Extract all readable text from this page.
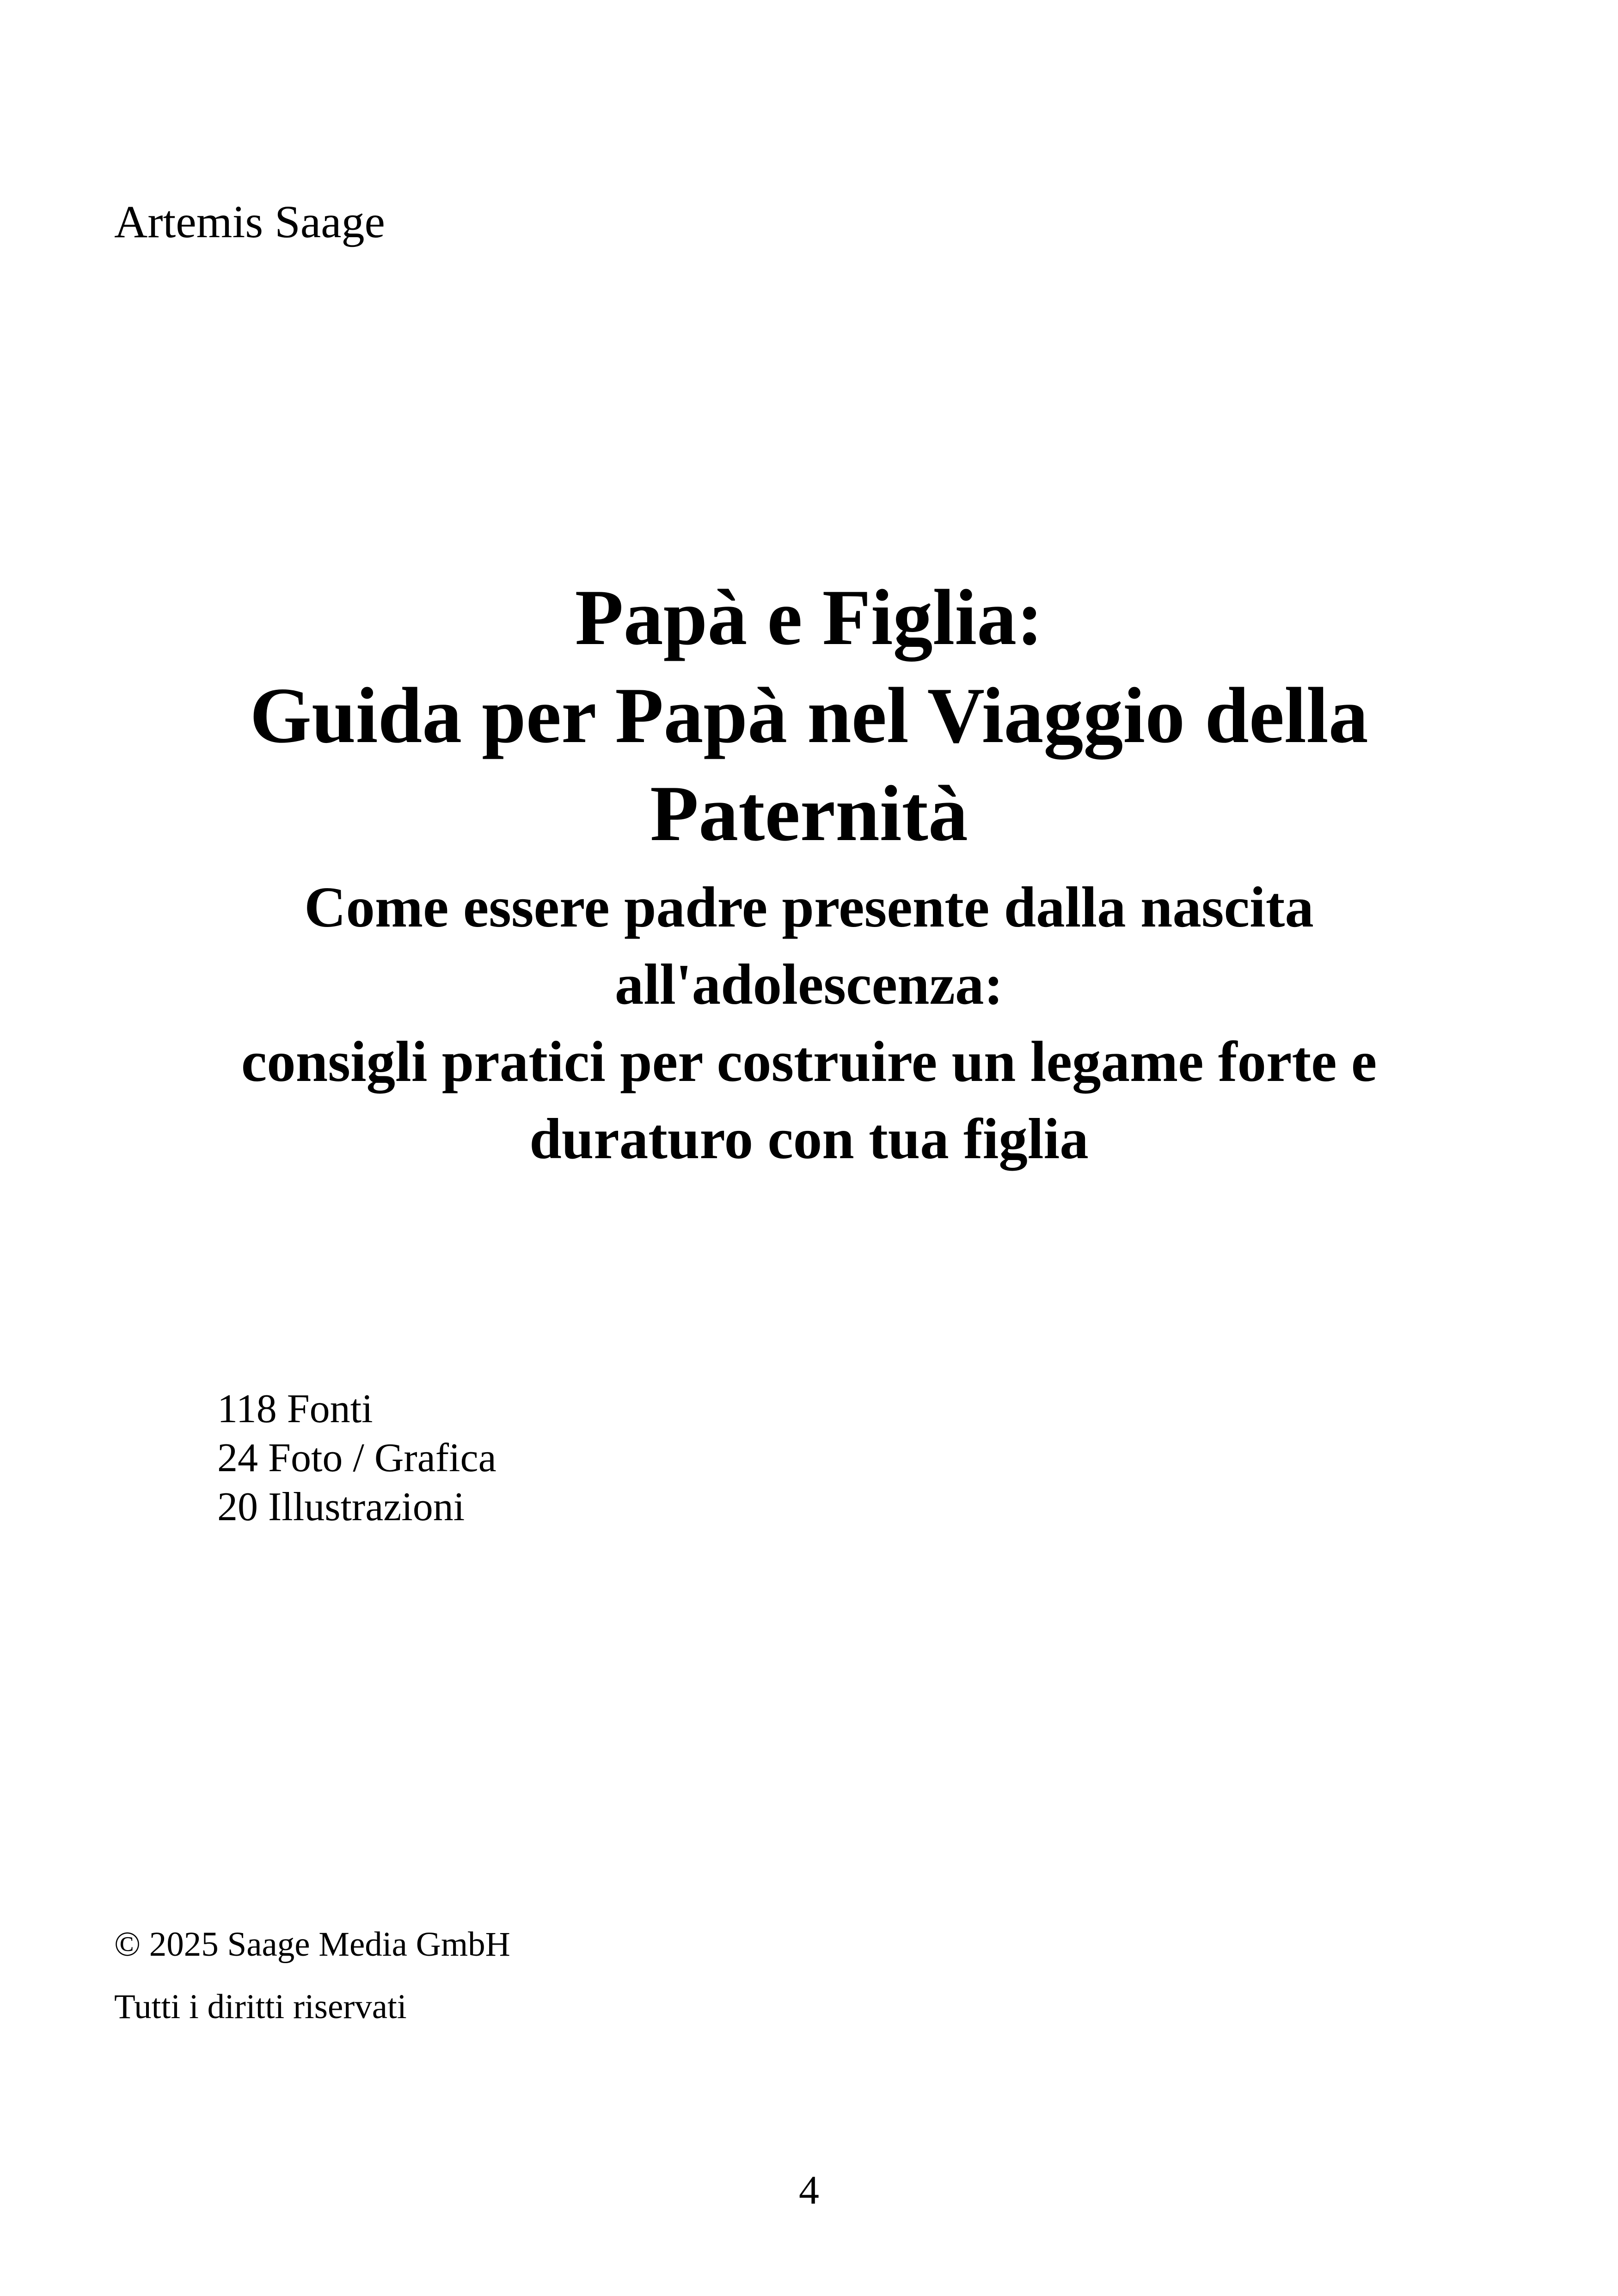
Artemis Saage
Papà e Figlia:
Guida per Papà nel Viaggio della
Paternità
Come essere padre presente dalla nascita
all'adolescenza:
consigli pratici per costruire un legame forte e
duraturo con tua figlia
118 Fonti
24 Foto / Grafica
20 Illustrazioni
© 2025 Saage Media GmbH
Tutti i diritti riservati
4
